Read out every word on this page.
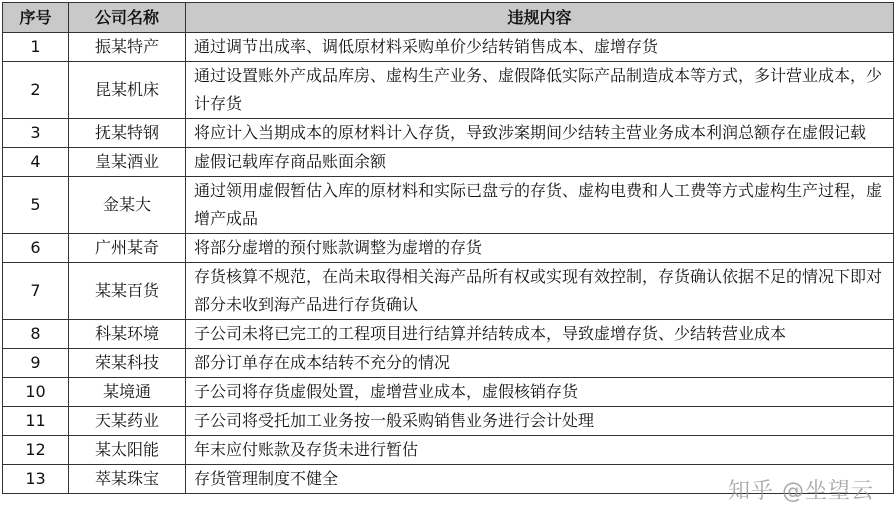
序号	公司名称	违规内容
1	振某特产	通过调节出成率、调低原材料采购单价少结转销售成本、虚增存货
2	昆某机床	通过设置账外产成品库房、虚构生产业务、虚假降低实际产品制造成本等方式，多计营业成本，少计存货
3	抚某特钢	将应计入当期成本的原材料计入存货，导致涉案期间少结转主营业务成本利润总额存在虚假记载
4	皇某酒业	虚假记载库存商品账面余额
5	金某大	通过领用虚假暂估入库的原材料和实际已盘亏的存货、虚构电费和人工费等方式虚构生产过程，虚增产成品
6	广州某奇	将部分虚增的预付账款调整为虚增的存货
7	某某百货	存货核算不规范，在尚未取得相关海产品所有权或实现有效控制，存货确认依据不足的情况下即对部分未收到海产品进行存货确认
8	科某环境	子公司未将已完工的工程项目进行结算并结转成本，导致虚增存货、少结转营业成本
9	荣某科技	部分订单存在成本结转不充分的情况
10	某境通	子公司将存货虚假处置，虚增营业成本，虚假核销存货
11	天某药业	子公司将受托加工业务按一般采购销售业务进行会计处理
12	某太阳能	年末应付账款及存货未进行暂估
13	萃某珠宝	存货管理制度不健全
知乎 @坐望云
